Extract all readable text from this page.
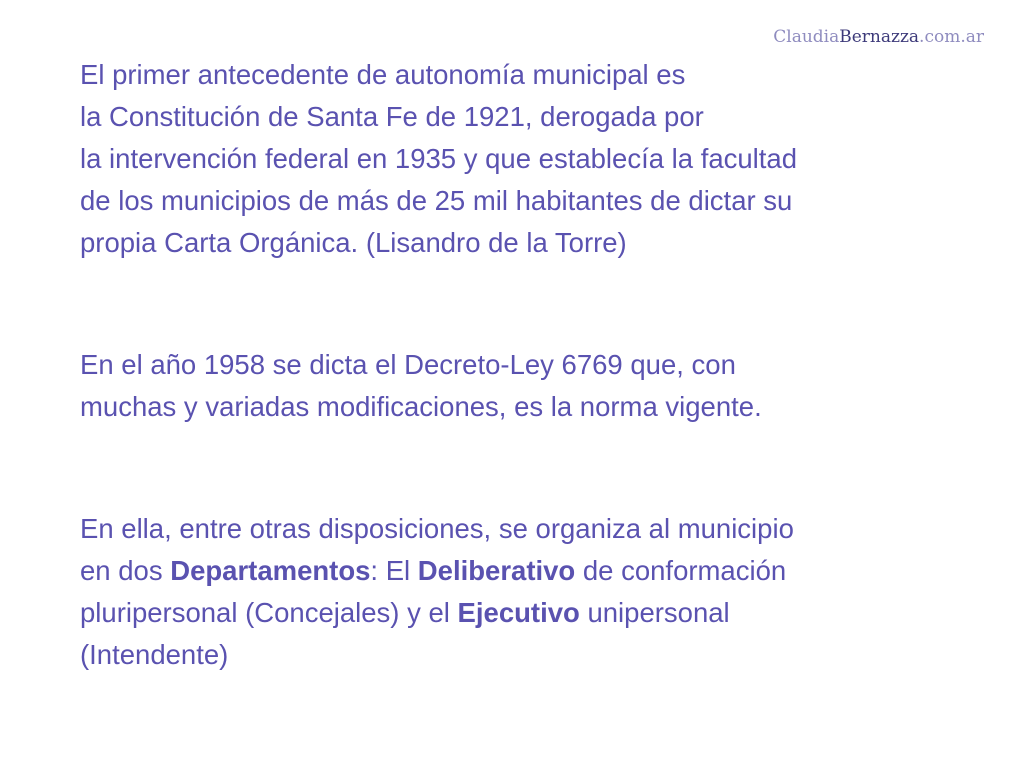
ClaudiaBernazza.com.ar

El primer antecedente de autonomía municipal es
la Constitución de Santa Fe de 1921, derogada por
la intervención federal en 1935 y que establecía la facultad
de los municipios de más de 25 mil habitantes de dictar su
propia Carta Orgánica. (Lisandro de la Torre)

En el año 1958 se dicta el Decreto-Ley 6769 que, con
muchas y variadas modificaciones, es la norma vigente.

En ella, entre otras disposiciones, se organiza al municipio
en dos Departamentos: El Deliberativo de conformación
pluripersonal (Concejales) y el Ejecutivo unipersonal
(Intendente)
